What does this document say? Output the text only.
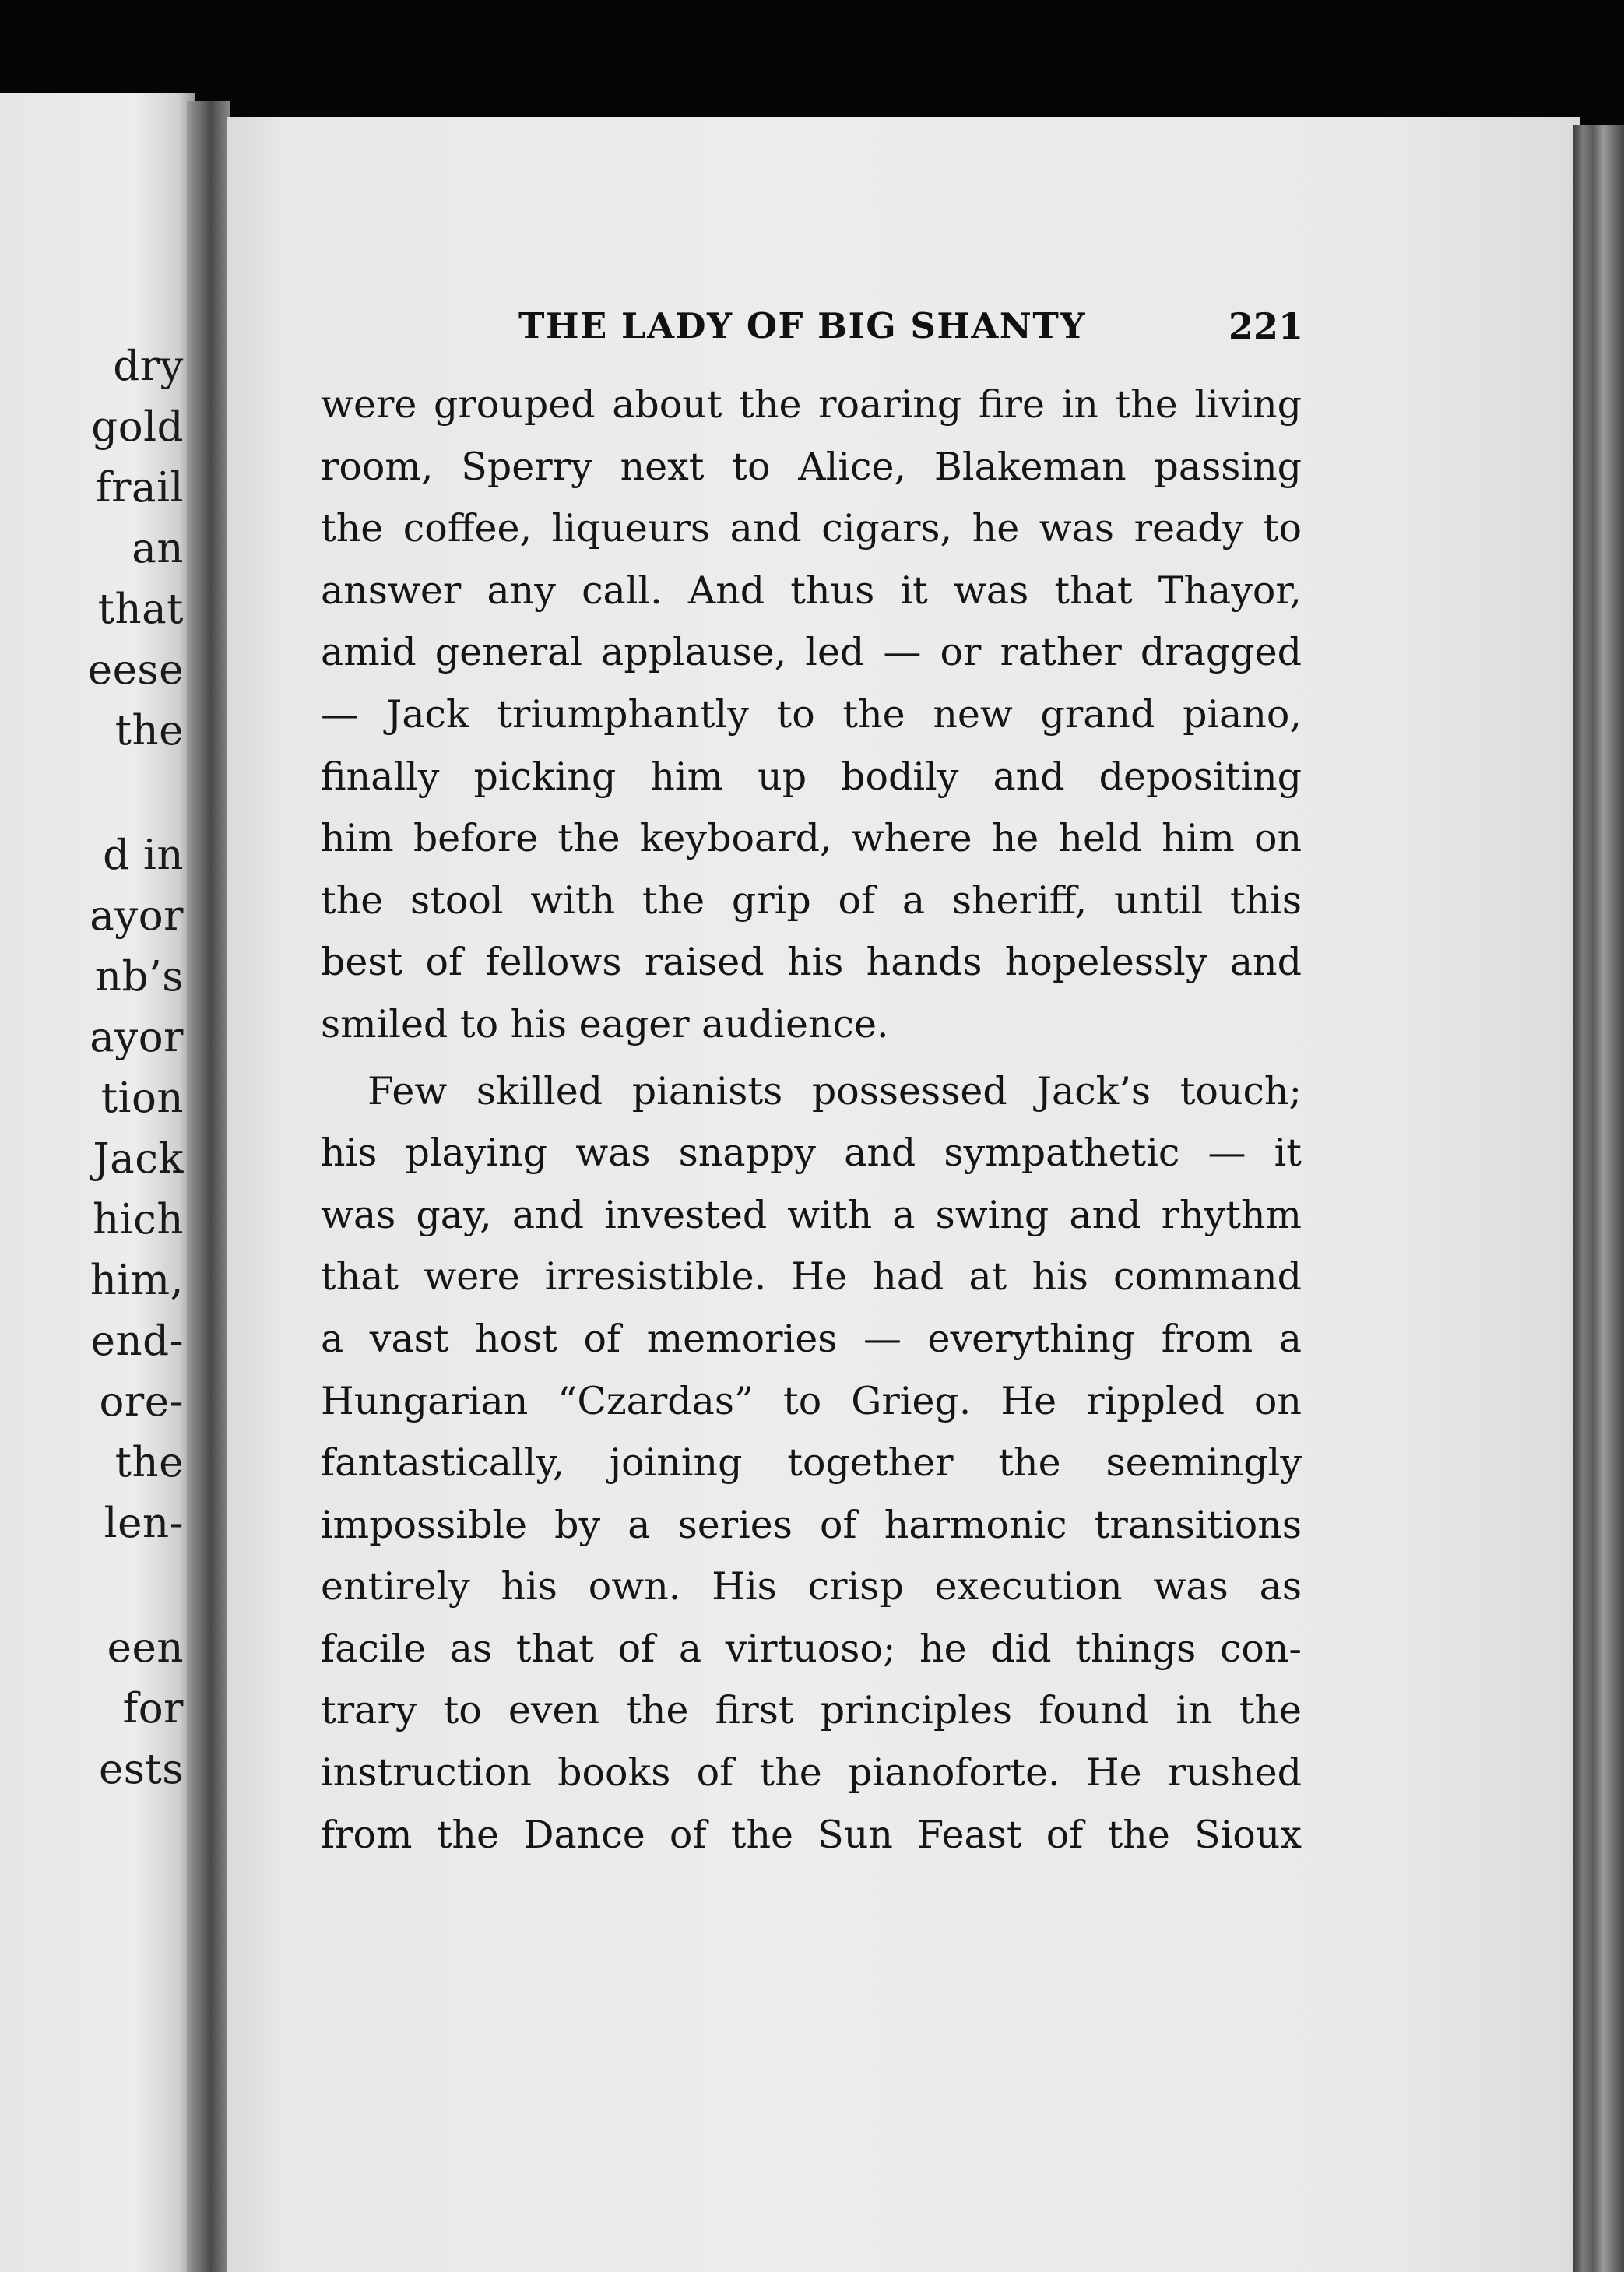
dry
gold
frail
an
that
eese
the
d in
ayor
nb’s
ayor
tion
Jack
hich
him,
end-
ore-
the
len-
een
for
ests
THE LADY OF BIG SHANTY	221
were grouped about the roaring fire in the living
room, Sperry next to Alice, Blakeman passing
the coffee, liqueurs and cigars, he was ready to
answer any call. And thus it was that Thayor,
amid general applause, led — or rather dragged
— Jack triumphantly to the new grand piano,
finally picking him up bodily and depositing
him before the keyboard, where he held him on
the stool with the grip of a sheriff, until this
best of fellows raised his hands hopelessly and
smiled to his eager audience.
Few skilled pianists possessed Jack’s touch;
his playing was snappy and sympathetic — it
was gay, and invested with a swing and rhythm
that were irresistible. He had at his command
a vast host of memories — everything from a
Hungarian “Czardas” to Grieg. He rippled on
fantastically, joining together the seemingly
impossible by a series of harmonic transitions
entirely his own. His crisp execution was as
facile as that of a virtuoso; he did things con-
trary to even the first principles found in the
instruction books of the pianoforte. He rushed
from the Dance of the Sun Feast of the Sioux
